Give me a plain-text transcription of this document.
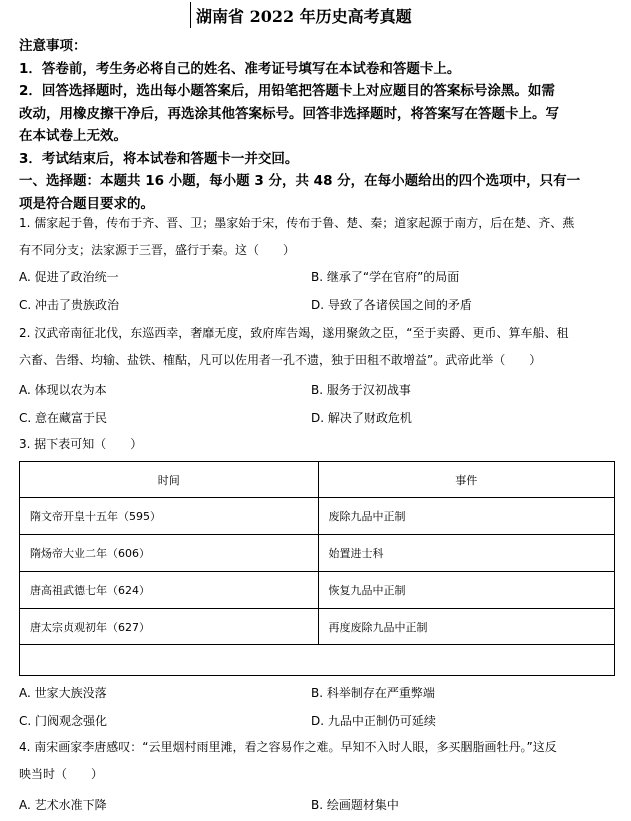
湖南省 2022 年历史高考真题

注意事项：

1．答卷前，考生务必将自己的姓名、准考证号填写在本试卷和答题卡上。

2．回答选择题时，选出每小题答案后，用铅笔把答题卡上对应题目的答案标号涂黑。如需

改动，用橡皮擦干净后，再选涂其他答案标号。回答非选择题时，将答案写在答题卡上。写

在本试卷上无效。

3．考试结束后，将本试卷和答题卡一并交回。

一、选择题：本题共 16 小题，每小题 3 分，共 48 分，在每小题给出的四个选项中，只有一

项是符合题目要求的。

1. 儒家起于鲁，传布于齐、晋、卫；墨家始于宋，传布于鲁、楚、秦；道家起源于南方，后在楚、齐、燕

有不同分支；法家源于三晋，盛行于秦。这（　　）

A. 促进了政治统一	B. 继承了“学在官府”的局面
C. 冲击了贵族政治	D. 导致了各诸侯国之间的矛盾

2. 汉武帝南征北伐，东巡西幸，奢靡无度，致府库告竭，遂用聚敛之臣，“至于卖爵、更币、算车船、租

六畜、告缗、均输、盐铁、榷酤，凡可以佐用者一孔不遗，独于田租不敢增益”。武帝此举（　　）

A. 体现以农为本	B. 服务于汉初战事
C. 意在藏富于民	D. 解决了财政危机

3. 据下表可知（　　）

时间	事件
隋文帝开皇十五年（595）	废除九品中正制
隋炀帝大业二年（606）	始置进士科
唐高祖武德七年（624）	恢复九品中正制
唐太宗贞观初年（627）	再度废除九品中正制

A. 世家大族没落	B. 科举制存在严重弊端
C. 门阀观念强化	D. 九品中正制仍可延续

4. 南宋画家李唐感叹：“云里烟村雨里滩，看之容易作之难。早知不入时人眼，多买胭脂画牡丹。”这反

映当时（　　）

A. 艺术水准下降	B. 绘画题材集中
